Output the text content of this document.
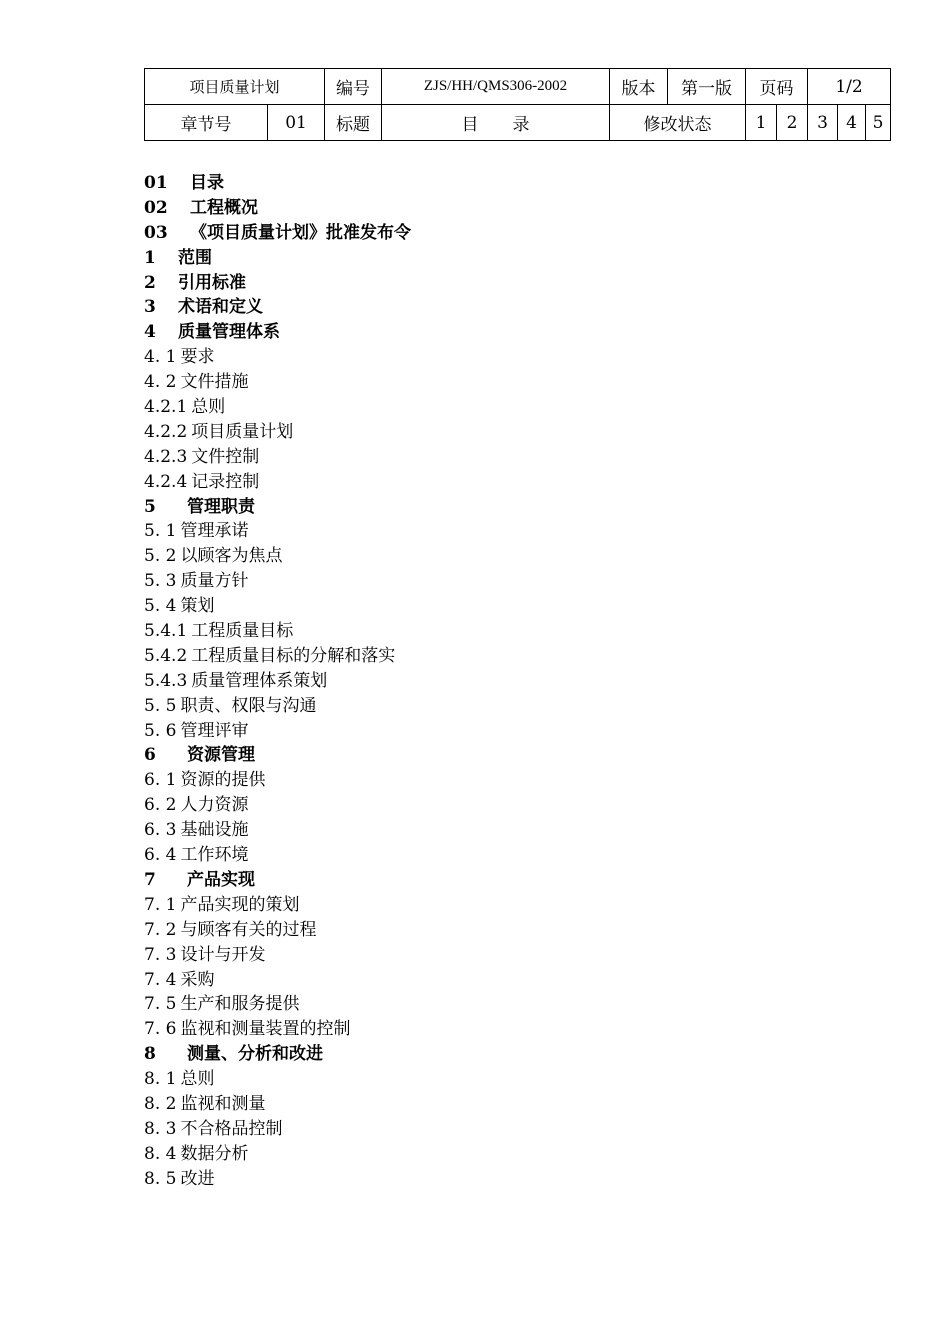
项目质量计划		编号	ZJS/HH/QMS306-2002	版本	第一版	页码		1/2		
章节号	01	标题	目　　录	修改状态		1	2	3	4	5
01 目录
02 工程概况
03 《项目质量计划》批准发布令
1 范围
2 引用标准
3 术语和定义
4 质量管理体系
4. 1 要求
4. 2 文件措施
4.2.1 总则
4.2.2 项目质量计划
4.2.3 文件控制
4.2.4 记录控制
5 管理职责
5. 1 管理承诺
5. 2 以顾客为焦点
5. 3 质量方针
5. 4 策划
5.4.1 工程质量目标
5.4.2 工程质量目标的分解和落实
5.4.3 质量管理体系策划
5. 5 职责、权限与沟通
5. 6 管理评审
6 资源管理
6. 1 资源的提供
6. 2 人力资源
6. 3 基础设施
6. 4 工作环境
7 产品实现
7. 1 产品实现的策划
7. 2 与顾客有关的过程
7. 3 设计与开发
7. 4 采购
7. 5 生产和服务提供
7. 6 监视和测量装置的控制
8 测量、分析和改进
8. 1 总则
8. 2 监视和测量
8. 3 不合格品控制
8. 4 数据分析
8. 5 改进
